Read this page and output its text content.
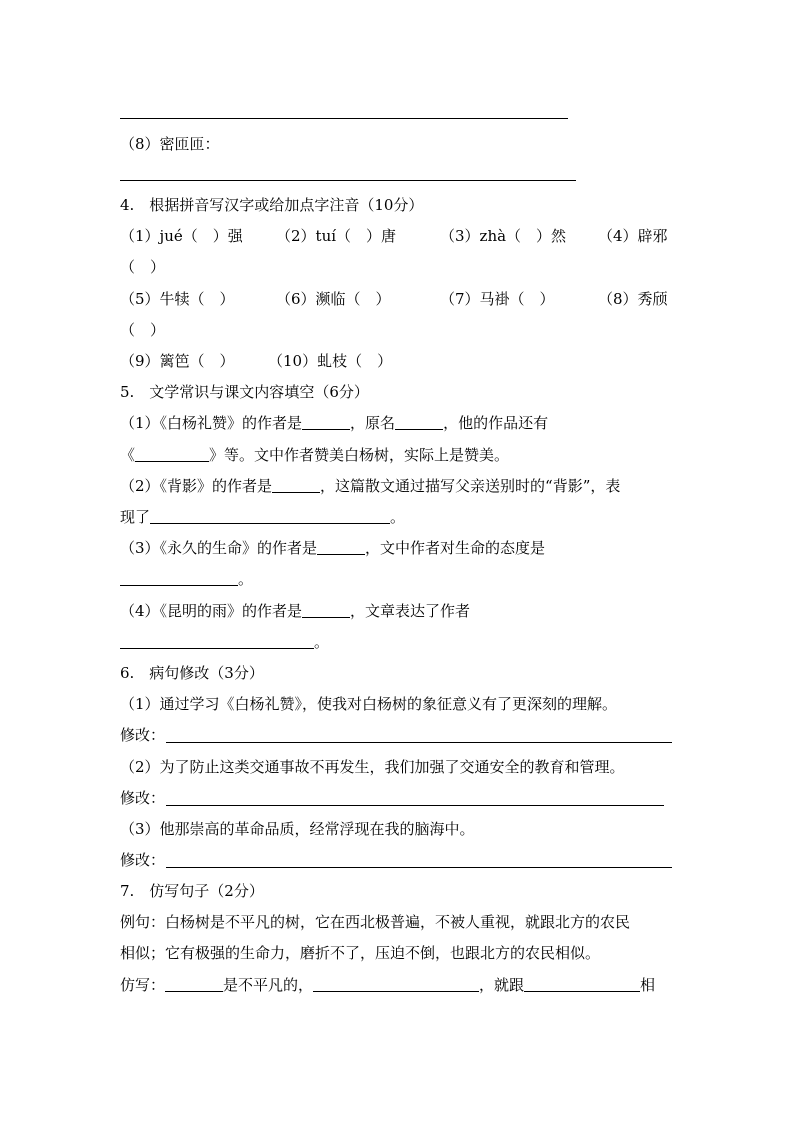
（8）密匝匝：
4.　根据拼音写汉字或给加点字注音（10分）
（1）jué（　）强 （2）tuí（　）唐	（3）zhà（　）然 （4）辟邪
（　）
（5）牛犊（　）	（6）濒临（　）	（7）马褂（　）	（8）秀颀
（　）
（9）篱笆（　） （10）虬枝（　）
5.　文学常识与课文内容填空（6分）
（1）《白杨礼赞》的作者是	，原名	，他的作品还有
《	》等。文中作者赞美白杨树，实际上是赞美。
（2）《背影》的作者是	，这篇散文通过描写父亲送别时的“背影”，表
现了	。
（3）《永久的生命》的作者是	，文中作者对生命的态度是
。
（4）《昆明的雨》的作者是	，文章表达了作者
。
6.　病句修改（3分）
（1）通过学习《白杨礼赞》，使我对白杨树的象征意义有了更深刻的理解。
修改：
（2）为了防止这类交通事故不再发生，我们加强了交通安全的教育和管理。
修改：
（3）他那崇高的革命品质，经常浮现在我的脑海中。
修改：
7.　仿写句子（2分）
例句：白杨树是不平凡的树，它在西北极普遍，不被人重视，就跟北方的农民
相似；它有极强的生命力，磨折不了，压迫不倒，也跟北方的农民相似。
仿写：	是不平凡的，	，就跟	相
